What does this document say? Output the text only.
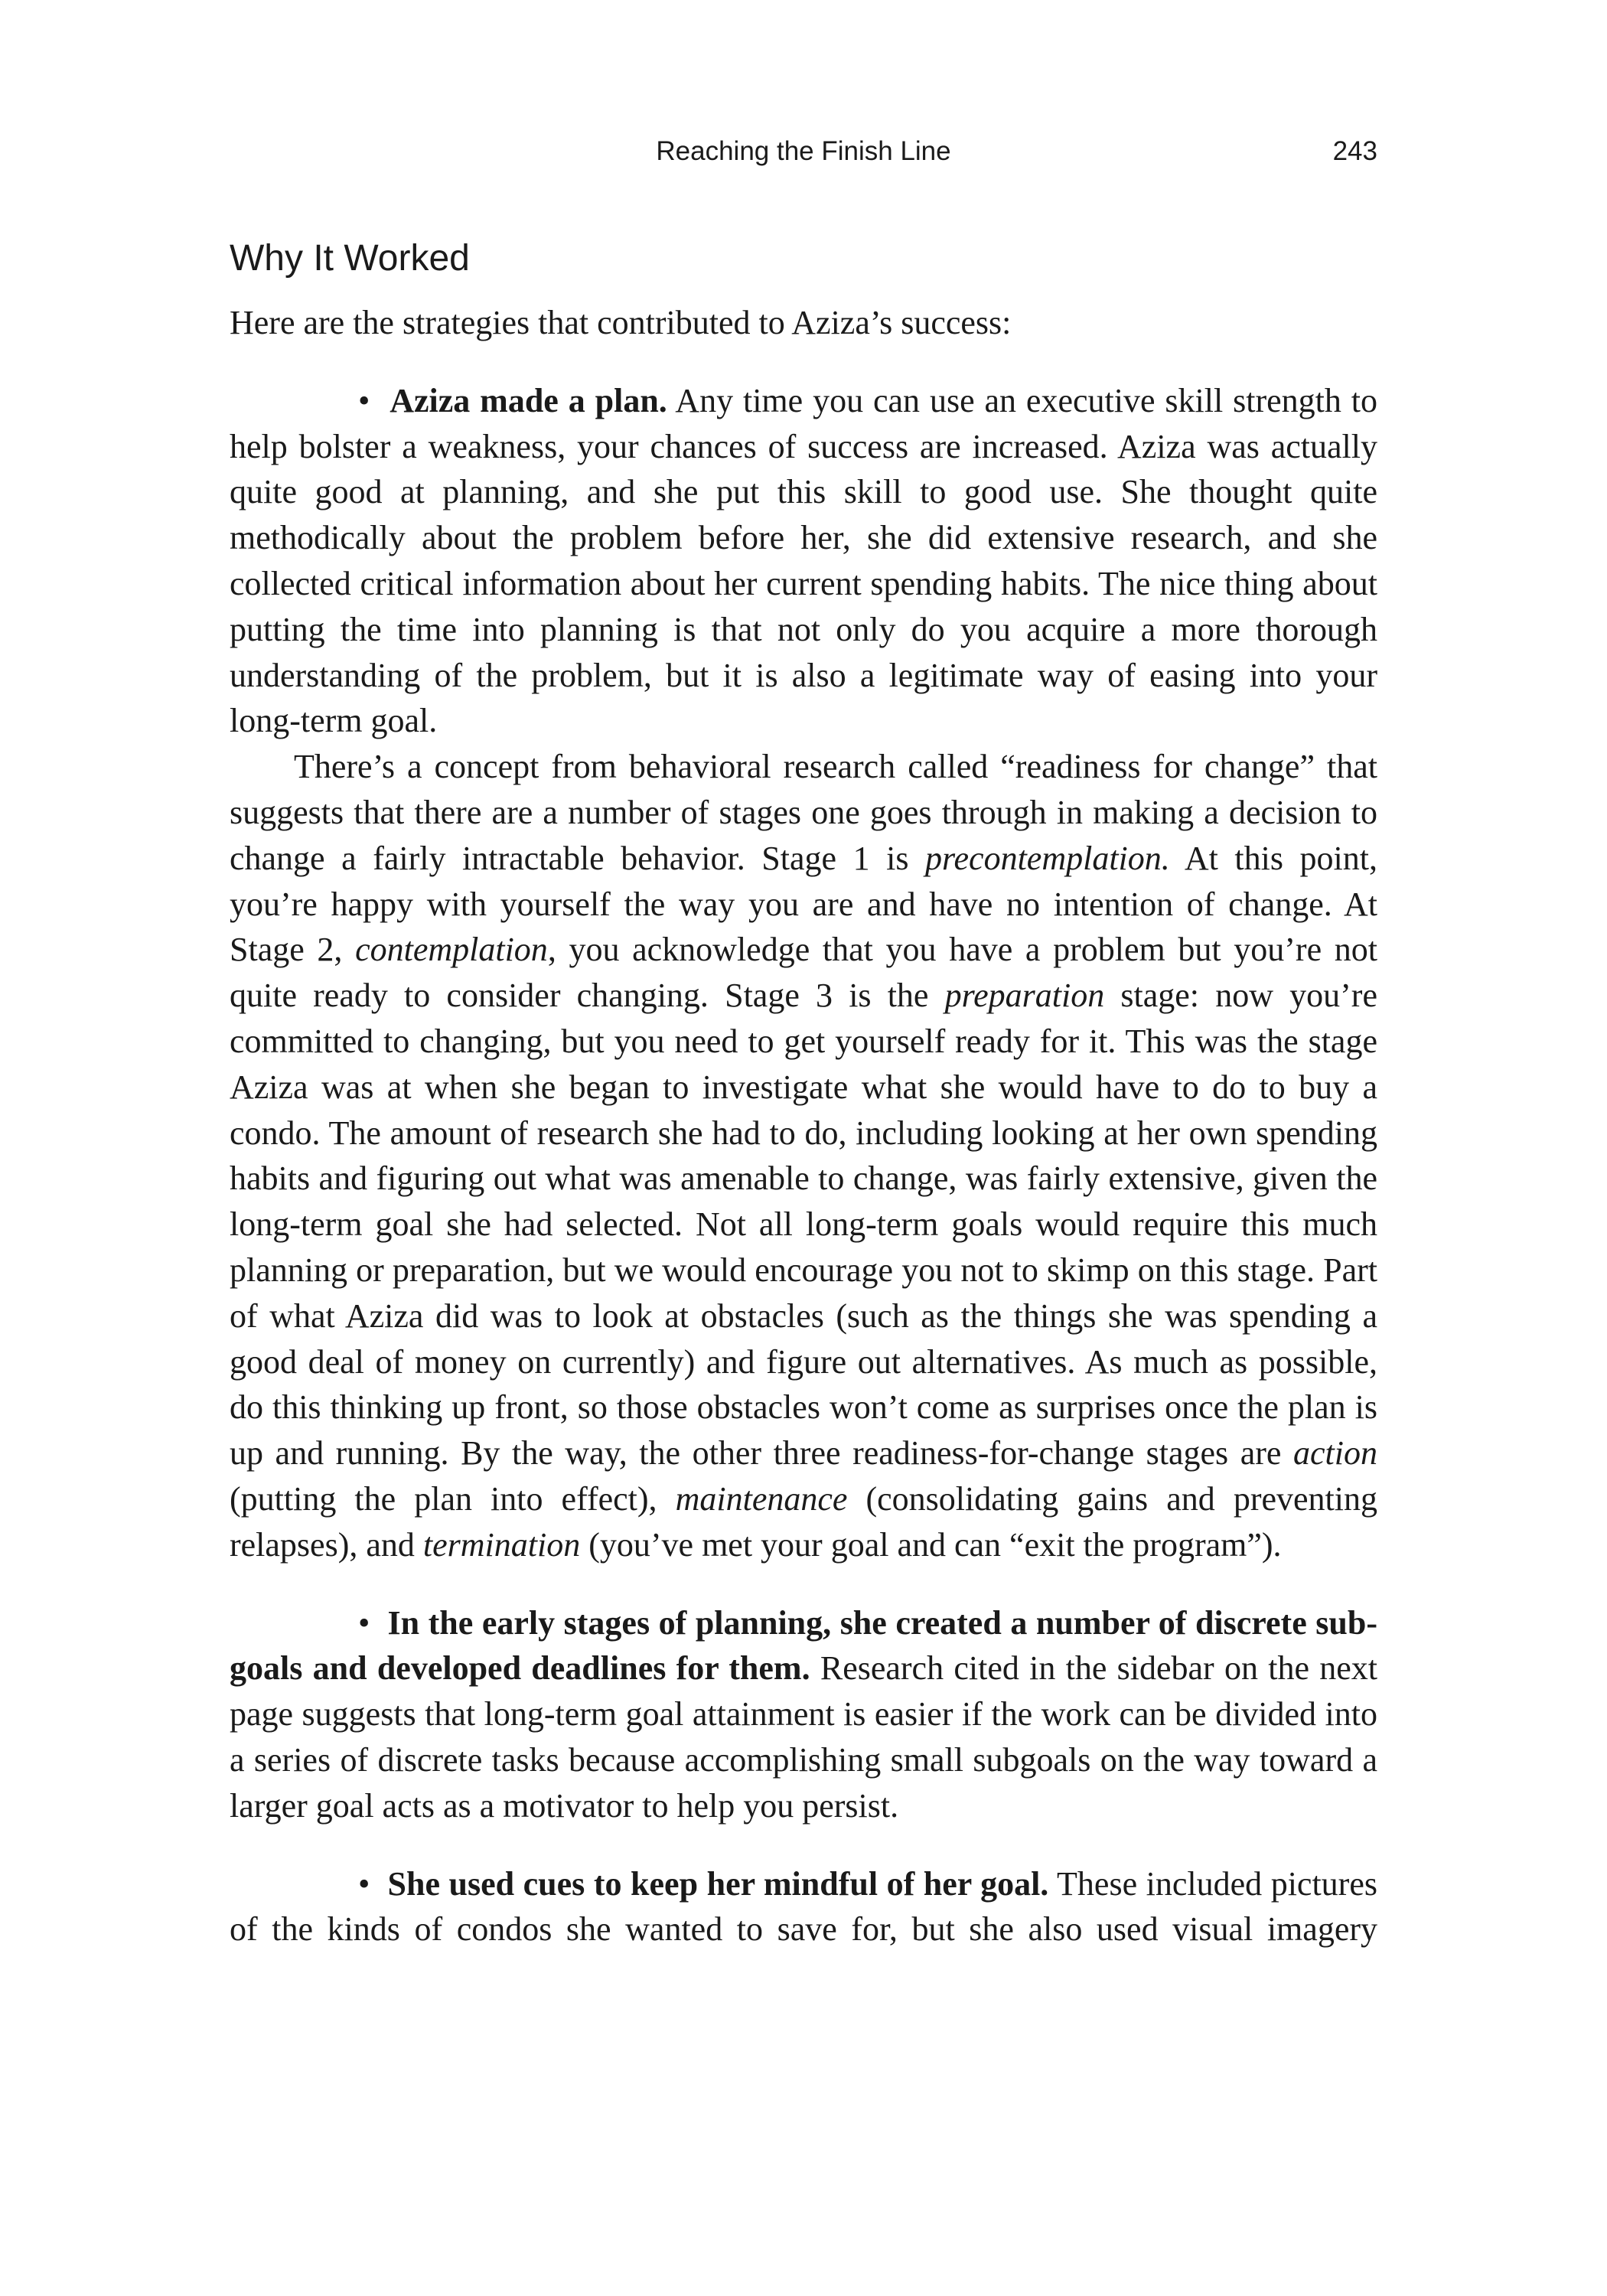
Reaching the Finish Line	243
Why It Worked

Here are the strategies that contributed to Aziza’s success:

• Aziza made a plan. Any time you can use an executive skill strength to help bolster a weakness, your chances of success are increased. Aziza was actually quite good at planning, and she put this skill to good use. She thought quite methodically about the problem before her, she did extensive research, and she collected critical information about her current spending habits. The nice thing about putting the time into planning is that not only do you acquire a more thorough understanding of the problem, but it is also a legitimate way of easing into your long-term goal.

There’s a concept from behavioral research called “readiness for change” that suggests that there are a number of stages one goes through in making a decision to change a fairly intractable behavior. Stage 1 is precontemplation. At this point, you’re happy with yourself the way you are and have no intention of change. At Stage 2, contemplation, you acknowledge that you have a problem but you’re not quite ready to consider changing. Stage 3 is the preparation stage: now you’re committed to changing, but you need to get yourself ready for it. This was the stage Aziza was at when she began to investigate what she would have to do to buy a condo. The amount of research she had to do, including looking at her own spending habits and figuring out what was amenable to change, was fairly extensive, given the long-term goal she had selected. Not all long-term goals would require this much planning or preparation, but we would encourage you not to skimp on this stage. Part of what Aziza did was to look at obstacles (such as the things she was spending a good deal of money on currently) and figure out alternatives. As much as possible, do this thinking up front, so those obstacles won’t come as surprises once the plan is up and running. By the way, the other three readiness-for-change stages are action (putting the plan into effect), maintenance (consolidating gains and preventing relapses), and termination (you’ve met your goal and can “exit the program”).

• In the early stages of planning, she created a number of discrete subgoals and developed deadlines for them. Research cited in the sidebar on the next page suggests that long-term goal attainment is easier if the work can be divided into a series of discrete tasks because accomplishing small subgoals on the way toward a larger goal acts as a motivator to help you persist.

• She used cues to keep her mindful of her goal. These included pictures of the kinds of condos she wanted to save for, but she also used visual imagery
